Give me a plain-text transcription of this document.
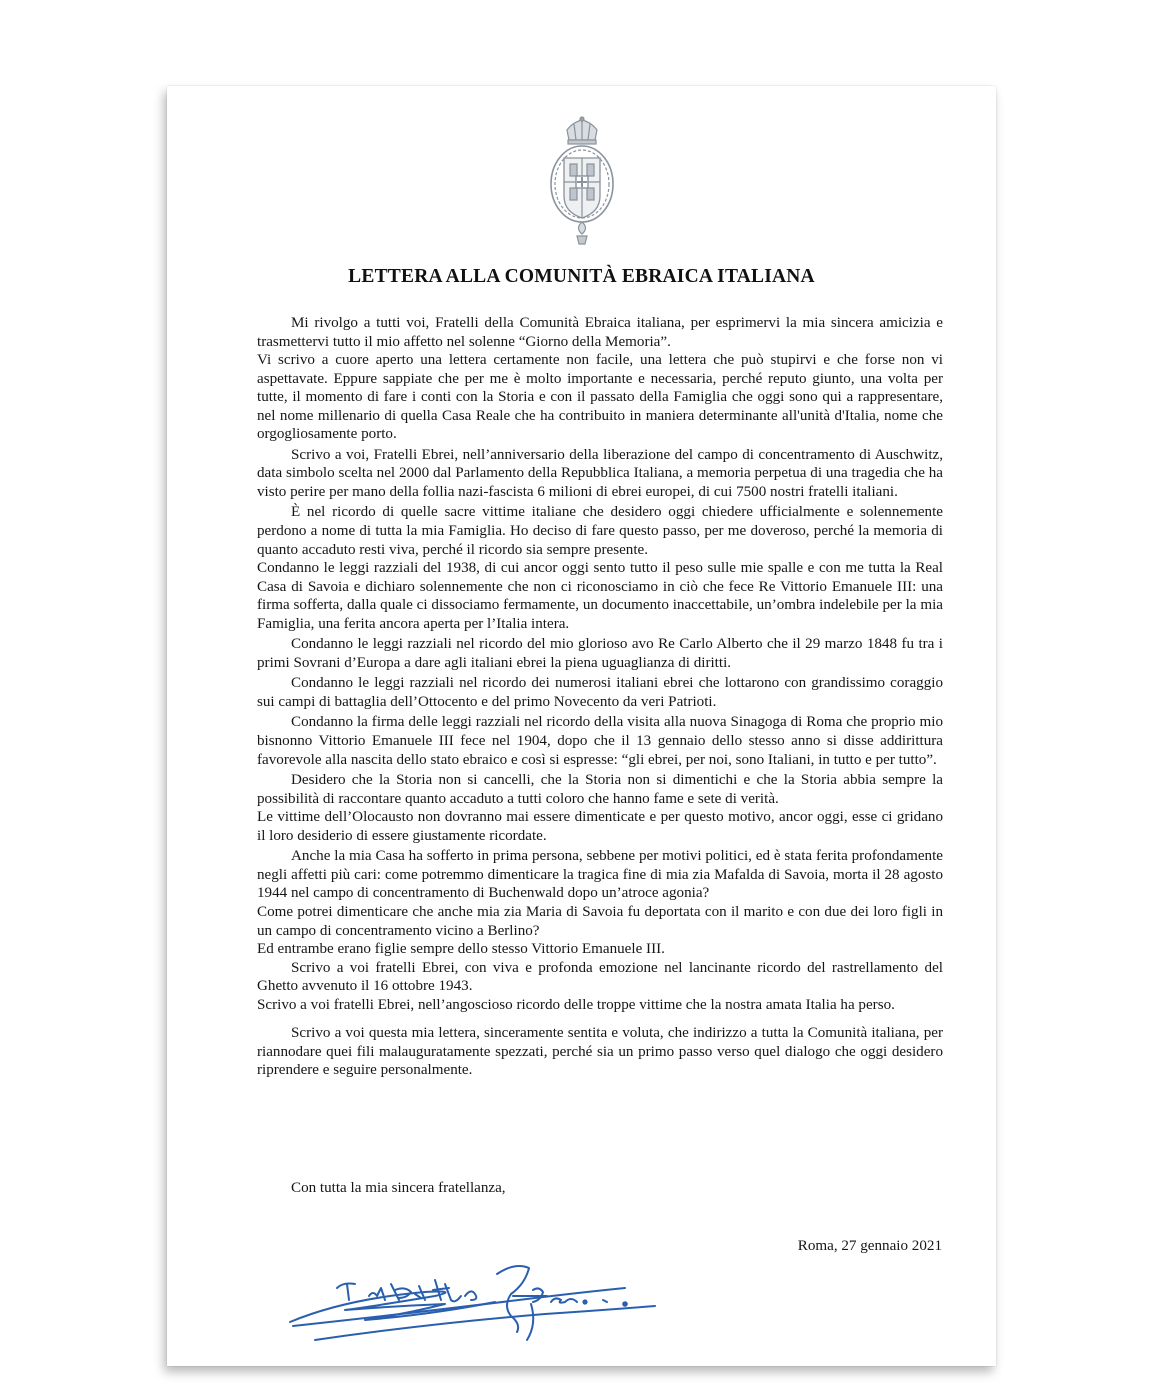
LETTERA ALLA COMUNITÀ EBRAICA ITALIANA

Mi rivolgo a tutti voi, Fratelli della Comunità Ebraica italiana, per esprimervi la mia sincera amicizia e trasmettervi tutto il mio affetto nel solenne “Giorno della Memoria”.

Vi scrivo a cuore aperto una lettera certamente non facile, una lettera che può stupirvi e che forse non vi aspettavate. Eppure sappiate che per me è molto importante e necessaria, perché reputo giunto, una volta per tutte, il momento di fare i conti con la Storia e con il passato della Famiglia che oggi sono qui a rappresentare, nel nome millenario di quella Casa Reale che ha contribuito in maniera determinante all'unità d'Italia, nome che orgogliosamente porto.

Scrivo a voi, Fratelli Ebrei, nell’anniversario della liberazione del campo di concentramento di Auschwitz, data simbolo scelta nel 2000 dal Parlamento della Repubblica Italiana, a memoria perpetua di una tragedia che ha visto perire per mano della follia nazi-fascista 6 milioni di ebrei europei, di cui 7500 nostri fratelli italiani.

È nel ricordo di quelle sacre vittime italiane che desidero oggi chiedere ufficialmente e solennemente perdono a nome di tutta la mia Famiglia. Ho deciso di fare questo passo, per me doveroso, perché la memoria di quanto accaduto resti viva, perché il ricordo sia sempre presente.

Condanno le leggi razziali del 1938, di cui ancor oggi sento tutto il peso sulle mie spalle e con me tutta la Real Casa di Savoia e dichiaro solennemente che non ci riconosciamo in ciò che fece Re Vittorio Emanuele III: una firma sofferta, dalla quale ci dissociamo fermamente, un documento inaccettabile, un’ombra indelebile per la mia Famiglia, una ferita ancora aperta per l’Italia intera.

Condanno le leggi razziali nel ricordo del mio glorioso avo Re Carlo Alberto che il 29 marzo 1848 fu tra i primi Sovrani d’Europa a dare agli italiani ebrei la piena uguaglianza di diritti.

Condanno le leggi razziali nel ricordo dei numerosi italiani ebrei che lottarono con grandissimo coraggio sui campi di battaglia dell’Ottocento e del primo Novecento da veri Patrioti.

Condanno la firma delle leggi razziali nel ricordo della visita alla nuova Sinagoga di Roma che proprio mio bisnonno Vittorio Emanuele III fece nel 1904, dopo che il 13 gennaio dello stesso anno si disse addirittura favorevole alla nascita dello stato ebraico e così si espresse: “gli ebrei, per noi, sono Italiani, in tutto e per tutto”.

Desidero che la Storia non si cancelli, che la Storia non si dimentichi e che la Storia abbia sempre la possibilità di raccontare quanto accaduto a tutti coloro che hanno fame e sete di verità.

Le vittime dell’Olocausto non dovranno mai essere dimenticate e per questo motivo, ancor oggi, esse ci gridano il loro desiderio di essere giustamente ricordate.

Anche la mia Casa ha sofferto in prima persona, sebbene per motivi politici, ed è stata ferita profondamente negli affetti più cari: come potremmo dimenticare la tragica fine di mia zia Mafalda di Savoia, morta il 28 agosto 1944 nel campo di concentramento di Buchenwald dopo un’atroce agonia?

Come potrei dimenticare che anche mia zia Maria di Savoia fu deportata con il marito e con due dei loro figli in un campo di concentramento vicino a Berlino?

Ed entrambe erano figlie sempre dello stesso Vittorio Emanuele III.

Scrivo a voi fratelli Ebrei, con viva e profonda emozione nel lancinante ricordo del rastrellamento del Ghetto avvenuto il 16 ottobre 1943.

Scrivo a voi fratelli Ebrei, nell’angoscioso ricordo delle troppe vittime che la nostra amata Italia ha perso.

Scrivo a voi questa mia lettera, sinceramente sentita e voluta, che indirizzo a tutta la Comunità italiana, per riannodare quei fili malauguratamente spezzati, perché sia un primo passo verso quel dialogo che oggi desidero riprendere e seguire personalmente.

Con tutta la mia sincera fratellanza,
Roma, 27 gennaio 2021
